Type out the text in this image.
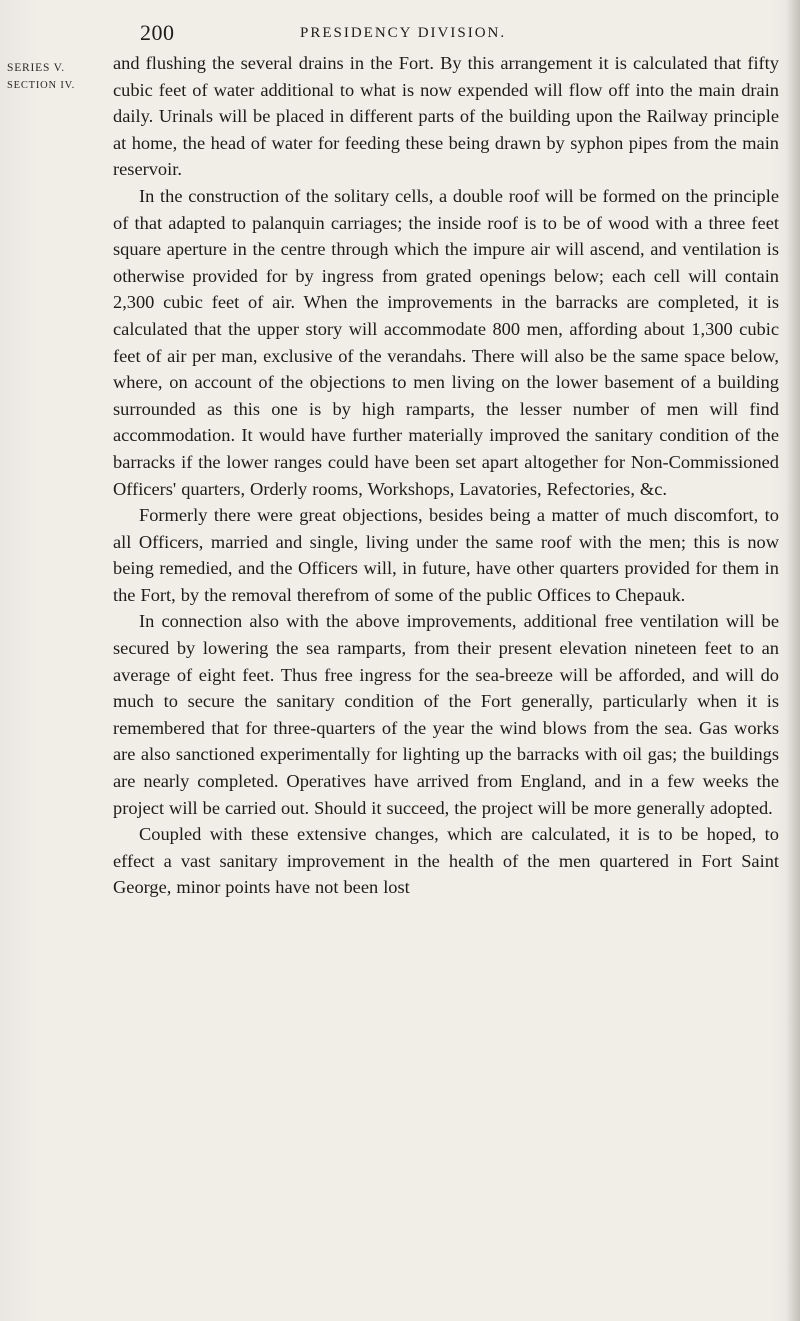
200	PRESIDENCY DIVISION.
SERIES V.
SECTION IV.

and flushing the several drains in the Fort. By this arrangement it is calculated that fifty cubic feet of water additional to what is now expended will flow off into the main drain daily. Urinals will be placed in different parts of the building upon the Railway principle at home, the head of water for feeding these being drawn by syphon pipes from the main reservoir.

In the construction of the solitary cells, a double roof will be formed on the principle of that adapted to palanquin carriages; the inside roof is to be of wood with a three feet square aperture in the centre through which the impure air will ascend, and ventilation is otherwise provided for by ingress from grated openings below; each cell will contain 2,300 cubic feet of air. When the improvements in the barracks are completed, it is calculated that the upper story will accommodate 800 men, affording about 1,300 cubic feet of air per man, exclusive of the verandahs. There will also be the same space below, where, on account of the objections to men living on the lower basement of a building surrounded as this one is by high ramparts, the lesser number of men will find accommodation. It would have further materially improved the sanitary condition of the barracks if the lower ranges could have been set apart altogether for Non-Commissioned Officers' quarters, Orderly rooms, Workshops, Lavatories, Refectories, &c.

Formerly there were great objections, besides being a matter of much discomfort, to all Officers, married and single, living under the same roof with the men; this is now being remedied, and the Officers will, in future, have other quarters provided for them in the Fort, by the removal therefrom of some of the public Offices to Chepauk.

In connection also with the above improvements, additional free ventilation will be secured by lowering the sea ramparts, from their present elevation nineteen feet to an average of eight feet. Thus free ingress for the sea-breeze will be afforded, and will do much to secure the sanitary condition of the Fort generally, particularly when it is remembered that for three-quarters of the year the wind blows from the sea. Gas works are also sanctioned experimentally for lighting up the barracks with oil gas; the buildings are nearly completed. Operatives have arrived from England, and in a few weeks the project will be carried out. Should it succeed, the project will be more generally adopted.

Coupled with these extensive changes, which are calculated, it is to be hoped, to effect a vast sanitary improvement in the health of the men quartered in Fort Saint George, minor points have not been lost
